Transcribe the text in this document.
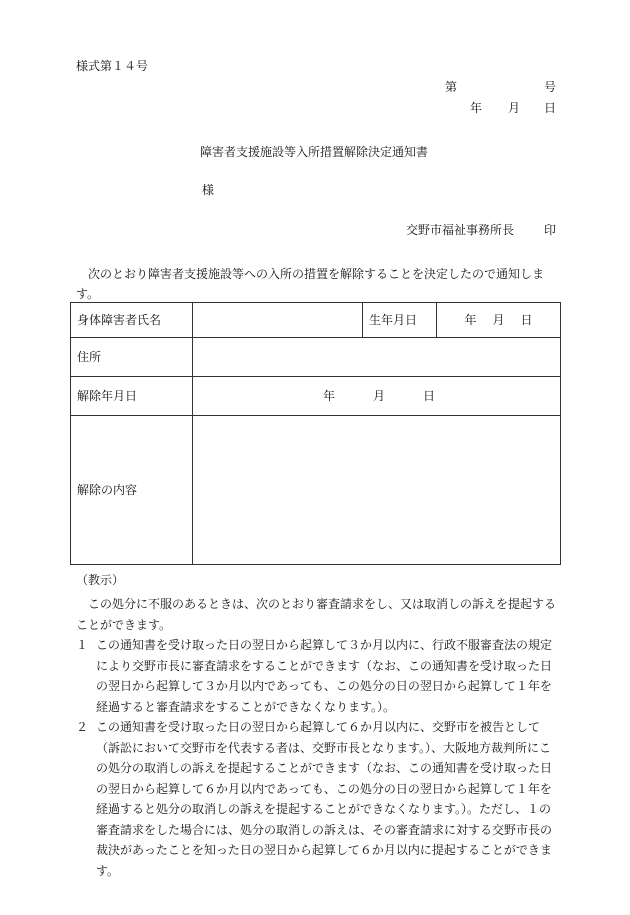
様式第１４号
第	号
年 月 日
障害者支援施設等入所措置解除決定通知書
様
交野市福祉事務所長 印
次のとおり障害者支援施設等への入所の措置を解除することを決定したので通知します。
身体障害者氏名		生年月日	年 月 日
住所			
解除年月日	年 月 日		
解除の内容			
（教示）
この処分に不服のあるときは、次のとおり審査請求をし、又は取消しの訴えを提起することができます。
１ この通知書を受け取った日の翌日から起算して３か月以内に、行政不服審査法の規定により交野市長に審査請求をすることができます（なお、この通知書を受け取った日の翌日から起算して３か月以内であっても、この処分の日の翌日から起算して１年を経過すると審査請求をすることができなくなります。）。
２ この通知書を受け取った日の翌日から起算して６か月以内に、交野市を被告として（訴訟において交野市を代表する者は、交野市長となります。）、大阪地方裁判所にこの処分の取消しの訴えを提起することができます（なお、この通知書を受け取った日の翌日から起算して６か月以内であっても、この処分の日の翌日から起算して１年を経過すると処分の取消しの訴えを提起することができなくなります。）。ただし、１の審査請求をした場合には、処分の取消しの訴えは、その審査請求に対する交野市長の裁決があったことを知った日の翌日から起算して６か月以内に提起することができます。
